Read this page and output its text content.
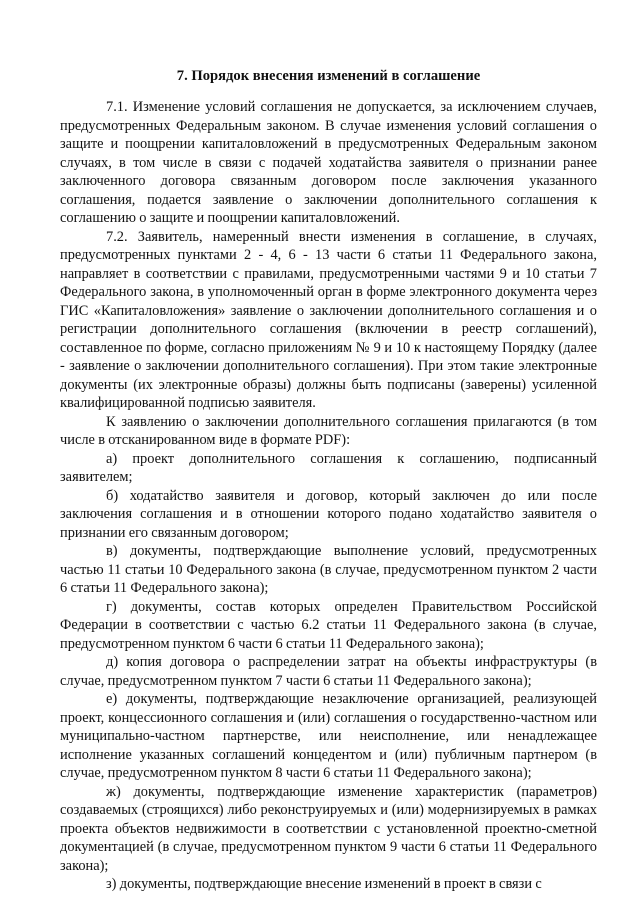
7. Порядок внесения изменений в соглашение

7.1. Изменение условий соглашения не допускается, за исключением случаев, предусмотренных Федеральным законом. В случае изменения условий соглашения о защите и поощрении капиталовложений в предусмотренных Федеральным законом случаях, в том числе в связи с подачей ходатайства заявителя о признании ранее заключенного договора связанным договором после заключения указанного соглашения, подается заявление о заключении дополнительного соглашения к соглашению о защите и поощрении капиталовложений.

7.2. Заявитель, намеренный внести изменения в соглашение, в случаях, предусмотренных пунктами 2 - 4, 6 - 13 части 6 статьи 11 Федерального закона, направляет в соответствии с правилами, предусмотренными частями 9 и 10 статьи 7 Федерального закона, в уполномоченный орган в форме электронного документа через ГИС «Капиталовложения» заявление о заключении дополнительного соглашения и о регистрации дополнительного соглашения (включении в реестр соглашений), составленное по форме, согласно приложениям № 9 и 10 к настоящему Порядку (далее - заявление о заключении дополнительного соглашения). При этом такие электронные документы (их электронные образы) должны быть подписаны (заверены) усиленной квалифицированной подписью заявителя.

К заявлению о заключении дополнительного соглашения прилагаются (в том числе в отсканированном виде в формате PDF):

а) проект дополнительного соглашения к соглашению, подписанный заявителем;

б) ходатайство заявителя и договор, который заключен до или после заключения соглашения и в отношении которого подано ходатайство заявителя о признании его связанным договором;

в) документы, подтверждающие выполнение условий, предусмотренных частью 11 статьи 10 Федерального закона (в случае, предусмотренном пунктом 2 части 6 статьи 11 Федерального закона);

г) документы, состав которых определен Правительством Российской Федерации в соответствии с частью 6.2 статьи 11 Федерального закона (в случае, предусмотренном пунктом 6 части 6 статьи 11 Федерального закона);

д) копия договора о распределении затрат на объекты инфраструктуры (в случае, предусмотренном пунктом 7 части 6 статьи 11 Федерального закона);

е) документы, подтверждающие незаключение организацией, реализующей проект, концессионного соглашения и (или) соглашения о государственно-частном или муниципально-частном партнерстве, или неисполнение, или ненадлежащее исполнение указанных соглашений концедентом и (или) публичным партнером (в случае, предусмотренном пунктом 8 части 6 статьи 11 Федерального закона);

ж) документы, подтверждающие изменение характеристик (параметров) создаваемых (строящихся) либо реконструируемых и (или) модернизируемых в рамках проекта объектов недвижимости в соответствии с установленной проектно-сметной документацией (в случае, предусмотренном пунктом 9 части 6 статьи 11 Федерального закона);

з) документы, подтверждающие внесение изменений в проект в связи с
